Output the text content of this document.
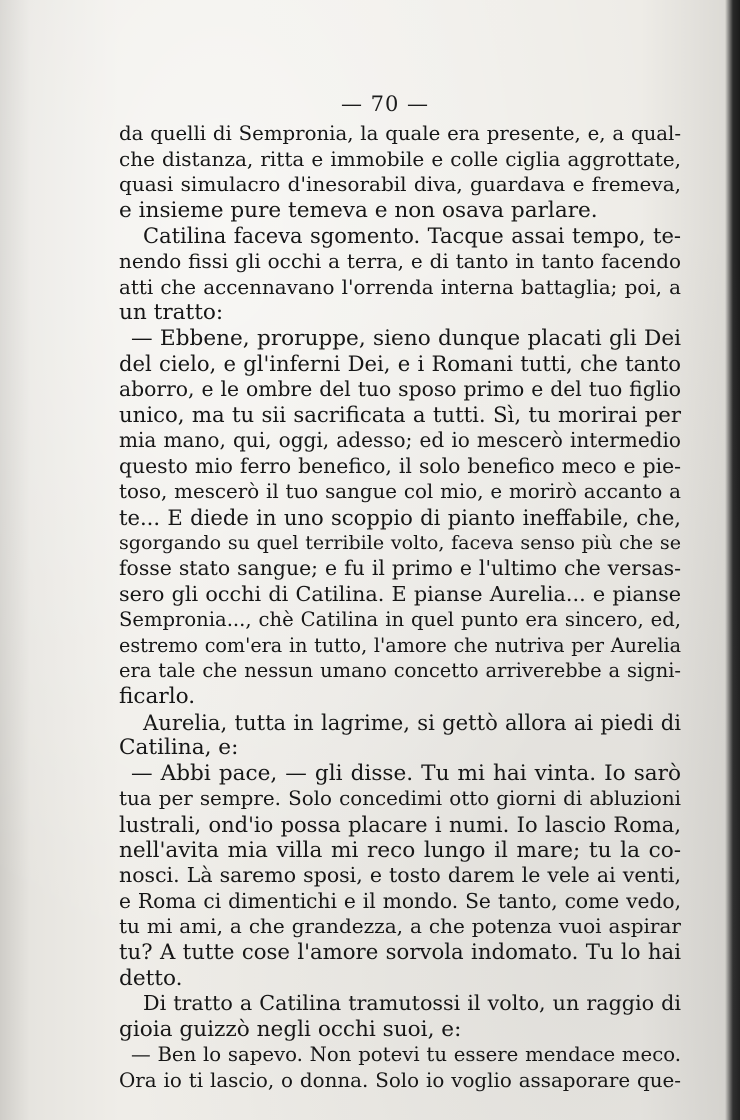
— 70 —
da quelli di Sempronia, la quale era presente, e, a qual-
che distanza, ritta e immobile e colle ciglia aggrottate,
quasi simulacro d'inesorabil diva, guardava e fremeva,
e insieme pure temeva e non osava parlare.
Catilina faceva sgomento. Tacque assai tempo, te-
nendo fissi gli occhi a terra, e di tanto in tanto facendo
atti che accennavano l'orrenda interna battaglia; poi, a
un tratto:
— Ebbene, proruppe, sieno dunque placati gli Dei
del cielo, e gl'inferni Dei, e i Romani tutti, che tanto
aborro, e le ombre del tuo sposo primo e del tuo figlio
unico, ma tu sii sacrificata a tutti. Sì, tu morirai per
mia mano, qui, oggi, adesso; ed io mescerò intermedio
questo mio ferro benefico, il solo benefico meco e pie-
toso, mescerò il tuo sangue col mio, e morirò accanto a
te... E diede in uno scoppio di pianto ineffabile, che,
sgorgando su quel terribile volto, faceva senso più che se
fosse stato sangue; e fu il primo e l'ultimo che versas-
sero gli occhi di Catilina. E pianse Aurelia... e pianse
Sempronia..., chè Catilina in quel punto era sincero, ed,
estremo com'era in tutto, l'amore che nutriva per Aurelia
era tale che nessun umano concetto arriverebbe a signi-
ficarlo.
Aurelia, tutta in lagrime, si gettò allora ai piedi di
Catilina, e:
— Abbi pace, — gli disse. Tu mi hai vinta. Io sarò
tua per sempre. Solo concedimi otto giorni di abluzioni
lustrali, ond'io possa placare i numi. Io lascio Roma,
nell'avita mia villa mi reco lungo il mare; tu la co-
nosci. Là saremo sposi, e tosto darem le vele ai venti,
e Roma ci dimentichi e il mondo. Se tanto, come vedo,
tu mi ami, a che grandezza, a che potenza vuoi aspirar
tu? A tutte cose l'amore sorvola indomato. Tu lo hai
detto.
Di tratto a Catilina tramutossi il volto, un raggio di
gioia guizzò negli occhi suoi, e:
— Ben lo sapevo. Non potevi tu essere mendace meco.
Ora io ti lascio, o donna. Solo io voglio assaporare que-
